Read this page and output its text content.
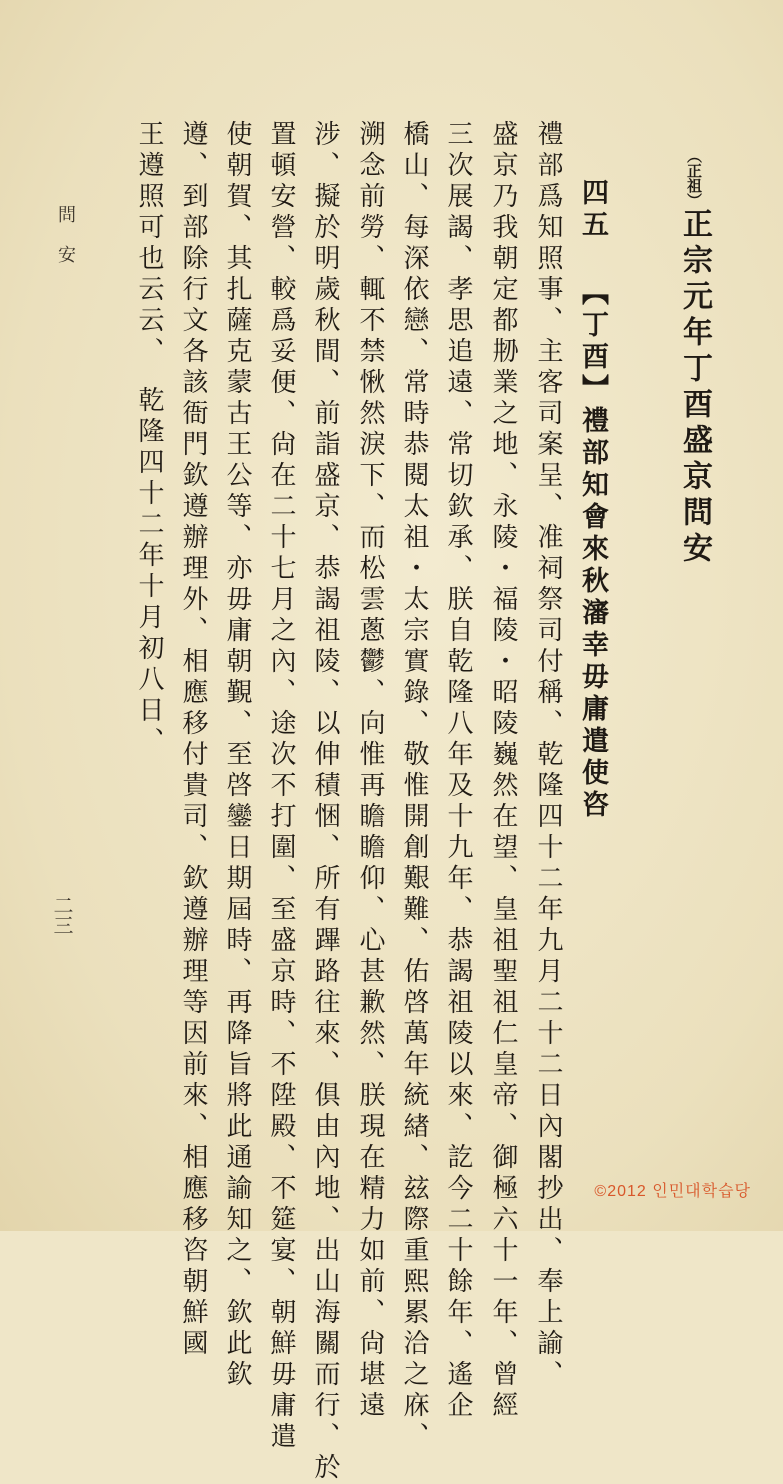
（正祖）正宗元年丁酉盛京問安
四五 【丁酉】禮部知會來秋瀋幸毋庸遣使咨
禮部爲知照事、主客司案呈、准祠祭司付稱、乾隆四十二年九月二十二日內閣抄出、奉上諭、
盛京乃我朝定都刱業之地、永陵・福陵・昭陵巍然在望、皇祖聖祖仁皇帝、御極六十一年、曾經
三次展謁、孝思追遠、常切欽承、朕自乾隆八年及十九年、恭謁祖陵以來、訖今二十餘年、遙企
橋山、每深依戀、常時恭閱太祖・太宗實錄、敬惟開創艱難、佑啓萬年統緖、玆際重熙累洽之庥、
溯念前勞、輒不禁愀然淚下、而松雲蔥鬱、向惟再瞻瞻仰、心甚歉然、朕現在精力如前、尙堪遠
涉、擬於明歲秋間、前詣盛京、恭謁祖陵、以伸積悃、所有蹕路往來、俱由內地、出山海關而行、於
置頓安營、較爲妥便、尙在二十七月之內、途次不打圍、至盛京時、不陞殿、不筵宴、朝鮮毋庸遣
使朝賀、其扎薩克蒙古王公等、亦毋庸朝覲、至啓鑾日期屆時、再降旨將此通諭知之、欽此欽
遵、到部除行文各該衙門欽遵辦理外、相應移付貴司、欽遵辦理等因前來、相應移咨朝鮮國
王遵照可也云云、　乾隆四十二年十月初八日、
問安
二三
©2012 인민대학습당
